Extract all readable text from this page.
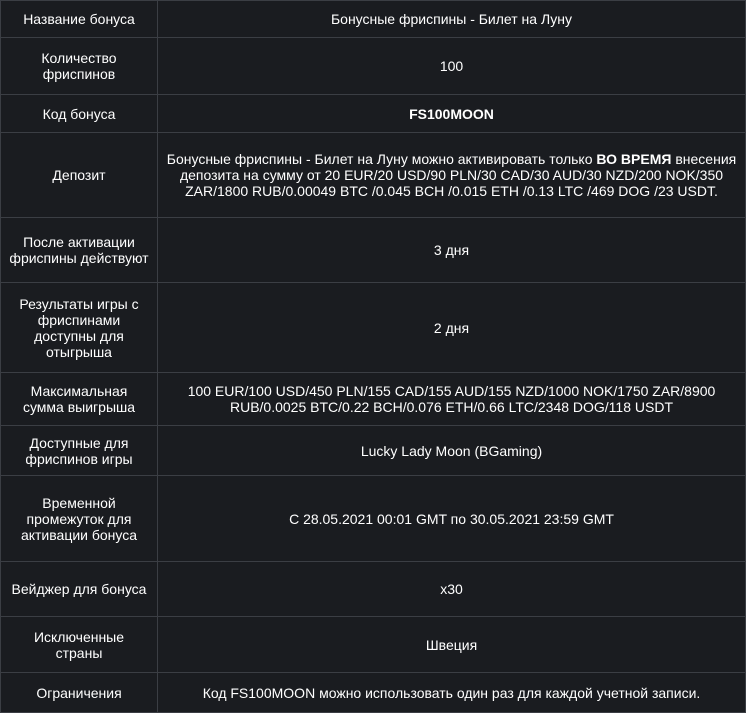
Название бонуса	Бонусные фриспины - Билет на Луну
Количество фриспинов	100
Код бонуса	FS100MOON
Депозит	Бонусные фриспины - Билет на Луну можно активировать только ВО ВРЕМЯ внесения депозита на сумму от 20 EUR/20 USD/90 PLN/30 CAD/30 AUD/30 NZD/200 NOK/350 ZAR/1800 RUB/0.00049 BTC /0.045 BCH /0.015 ETH /0.13 LTC /469 DOG /23 USDT.
После активации фриспины действуют	3 дня
Результаты игры с фриспинами доступны для отыгрыша	2 дня
Максимальная сумма выигрыша	100 EUR/100 USD/450 PLN/155 CAD/155 AUD/155 NZD/1000 NOK/1750 ZAR/8900 RUB/0.0025 BTC/0.22 BCH/0.076 ETH/0.66 LTC/2348 DOG/118 USDT
Доступные для фриспинов игры	Lucky Lady Moon (BGaming)
Временной промежуток для активации бонуса	С 28.05.2021 00:01 GMT по 30.05.2021 23:59 GMT
Вейджер для бонуса	x30
Исключенные страны	Швеция
Ограничения	Код FS100MOON можно использовать один раз для каждой учетной записи.
